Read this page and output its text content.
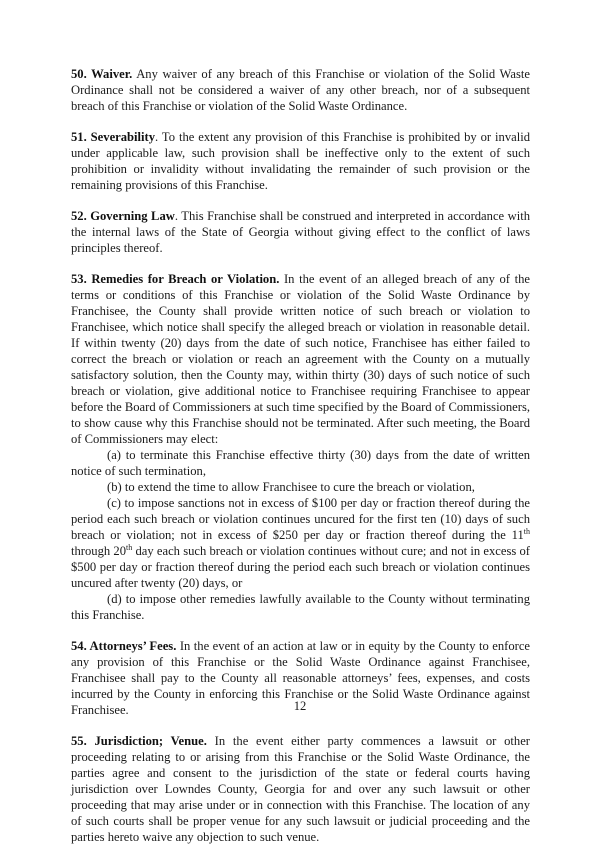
50. Waiver. Any waiver of any breach of this Franchise or violation of the Solid Waste Ordinance shall not be considered a waiver of any other breach, nor of a subsequent breach of this Franchise or violation of the Solid Waste Ordinance.

51. Severability. To the extent any provision of this Franchise is prohibited by or invalid under applicable law, such provision shall be ineffective only to the extent of such prohibition or invalidity without invalidating the remainder of such provision or the remaining provisions of this Franchise.

52. Governing Law. This Franchise shall be construed and interpreted in accordance with the internal laws of the State of Georgia without giving effect to the conflict of laws principles thereof.

53. Remedies for Breach or Violation. In the event of an alleged breach of any of the terms or conditions of this Franchise or violation of the Solid Waste Ordinance by Franchisee, the County shall provide written notice of such breach or violation to Franchisee, which notice shall specify the alleged breach or violation in reasonable detail. If within twenty (20) days from the date of such notice, Franchisee has either failed to correct the breach or violation or reach an agreement with the County on a mutually satisfactory solution, then the County may, within thirty (30) days of such notice of such breach or violation, give additional notice to Franchisee requiring Franchisee to appear before the Board of Commissioners at such time specified by the Board of Commissioners, to show cause why this Franchise should not be terminated. After such meeting, the Board of Commissioners may elect:

(a) to terminate this Franchise effective thirty (30) days from the date of written notice of such termination,

(b) to extend the time to allow Franchisee to cure the breach or violation,

(c) to impose sanctions not in excess of $100 per day or fraction thereof during the period each such breach or violation continues uncured for the first ten (10) days of such breach or violation; not in excess of $250 per day or fraction thereof during the 11th through 20th day each such breach or violation continues without cure; and not in excess of $500 per day or fraction thereof during the period each such breach or violation continues uncured after twenty (20) days, or

(d) to impose other remedies lawfully available to the County without terminating this Franchise.

54. Attorneys’ Fees. In the event of an action at law or in equity by the County to enforce any provision of this Franchise or the Solid Waste Ordinance against Franchisee, Franchisee shall pay to the County all reasonable attorneys’ fees, expenses, and costs incurred by the County in enforcing this Franchise or the Solid Waste Ordinance against Franchisee.

55. Jurisdiction; Venue. In the event either party commences a lawsuit or other proceeding relating to or arising from this Franchise or the Solid Waste Ordinance, the parties agree and consent to the jurisdiction of the state or federal courts having jurisdiction over Lowndes County, Georgia for and over any such lawsuit or other proceeding that may arise under or in connection with this Franchise. The location of any of such courts shall be proper venue for any such lawsuit or judicial proceeding and the parties hereto waive any objection to such venue.

12
